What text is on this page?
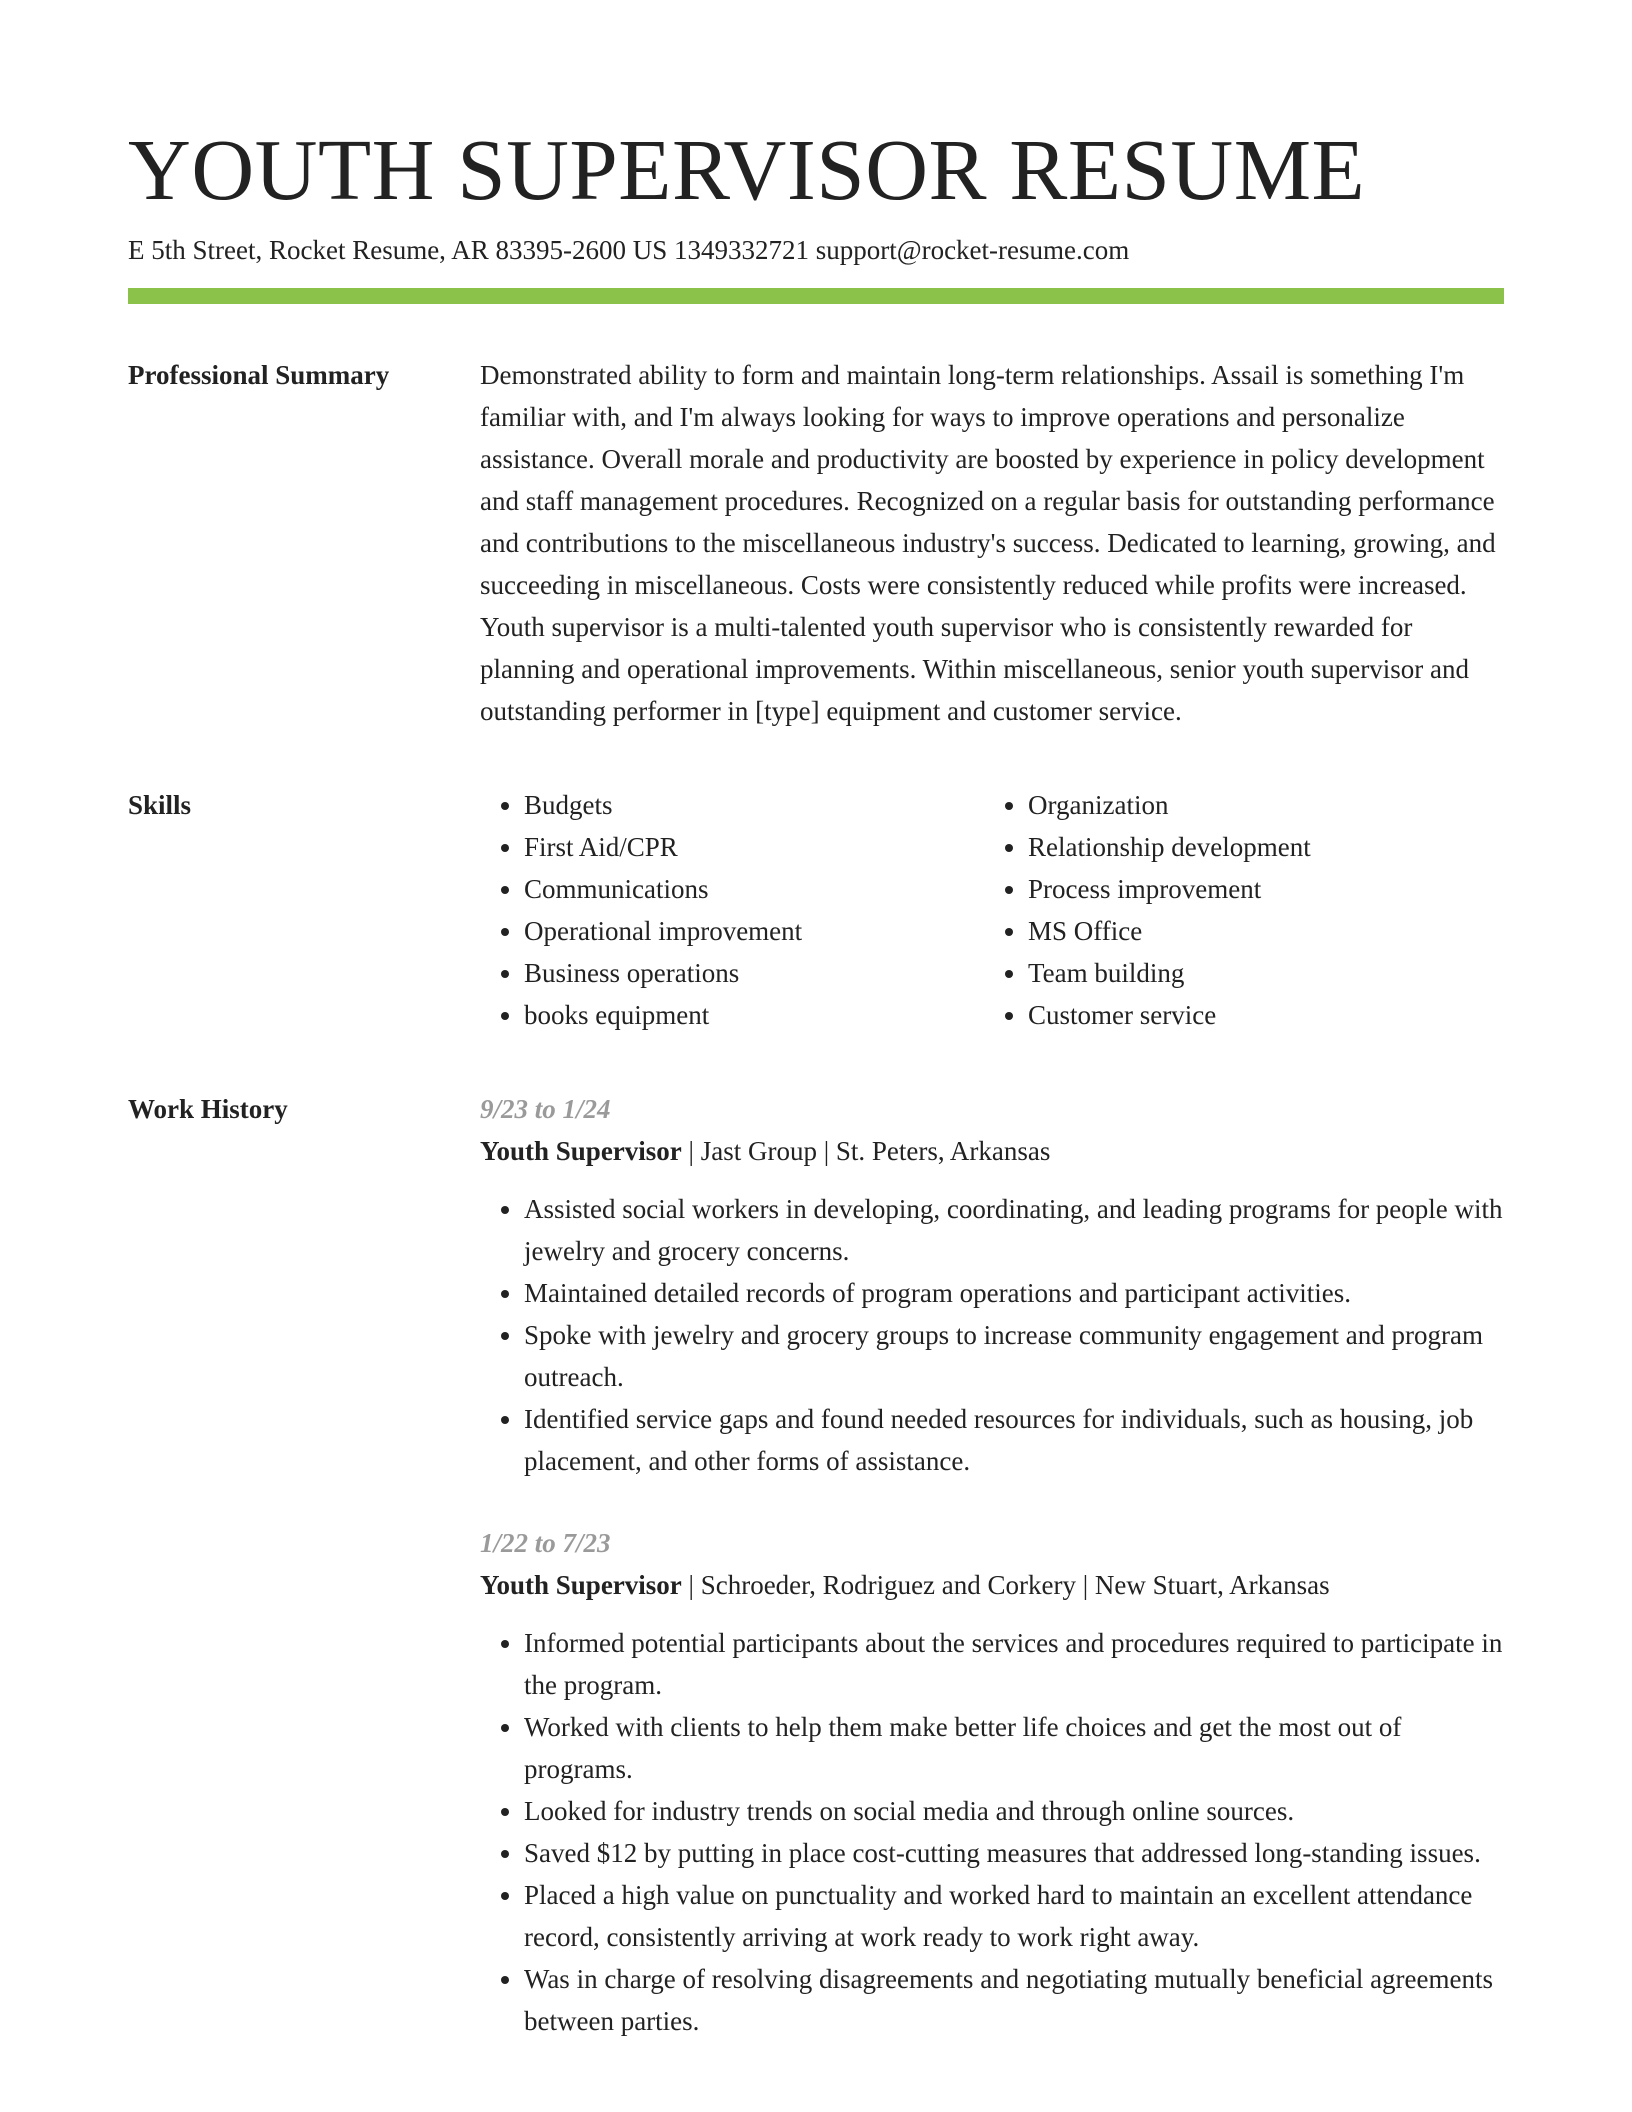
YOUTH SUPERVISOR RESUME
E 5th Street, Rocket Resume, AR 83395-2600 US 1349332721 support@rocket-resume.com
Professional Summary	Demonstrated ability to form and maintain long-term relationships. Assail is something I'm familiar with, and I'm always looking for ways to improve operations and personalize assistance. Overall morale and productivity are boosted by experience in policy development and staff management procedures. Recognized on a regular basis for outstanding performance and contributions to the miscellaneous industry's success. Dedicated to learning, growing, and succeeding in miscellaneous. Costs were consistently reduced while profits were increased. Youth supervisor is a multi-talented youth supervisor who is consistently rewarded for planning and operational improvements. Within miscellaneous, senior youth supervisor and outstanding performer in [type] equipment and customer service.

Skills
•	Budgets
• First Aid/CPR
• Communications
• Operational improvement
• Business operations
• books equipment
• Organization
• Relationship development
• Process improvement
• MS Office
• Team building
• Customer service
Work History	9/23 to 1/24
Youth Supervisor | Jast Group | St. Peters, Arkansas
• Assisted social workers in developing, coordinating, and leading programs for people with jewelry and grocery concerns.
• Maintained detailed records of program operations and participant activities.
• Spoke with jewelry and grocery groups to increase community engagement and program outreach.
• Identified service gaps and found needed resources for individuals, such as housing, job placement, and other forms of assistance.
1/22 to 7/23
Youth Supervisor | Schroeder, Rodriguez and Corkery | New Stuart, Arkansas
• Informed potential participants about the services and procedures required to participate in the program.
• Worked with clients to help them make better life choices and get the most out of programs.
• Looked for industry trends on social media and through online sources.
• Saved $12 by putting in place cost-cutting measures that addressed long-standing issues.
• Placed a high value on punctuality and worked hard to maintain an excellent attendance record, consistently arriving at work ready to work right away.
• Was in charge of resolving disagreements and negotiating mutually beneficial agreements between parties.
